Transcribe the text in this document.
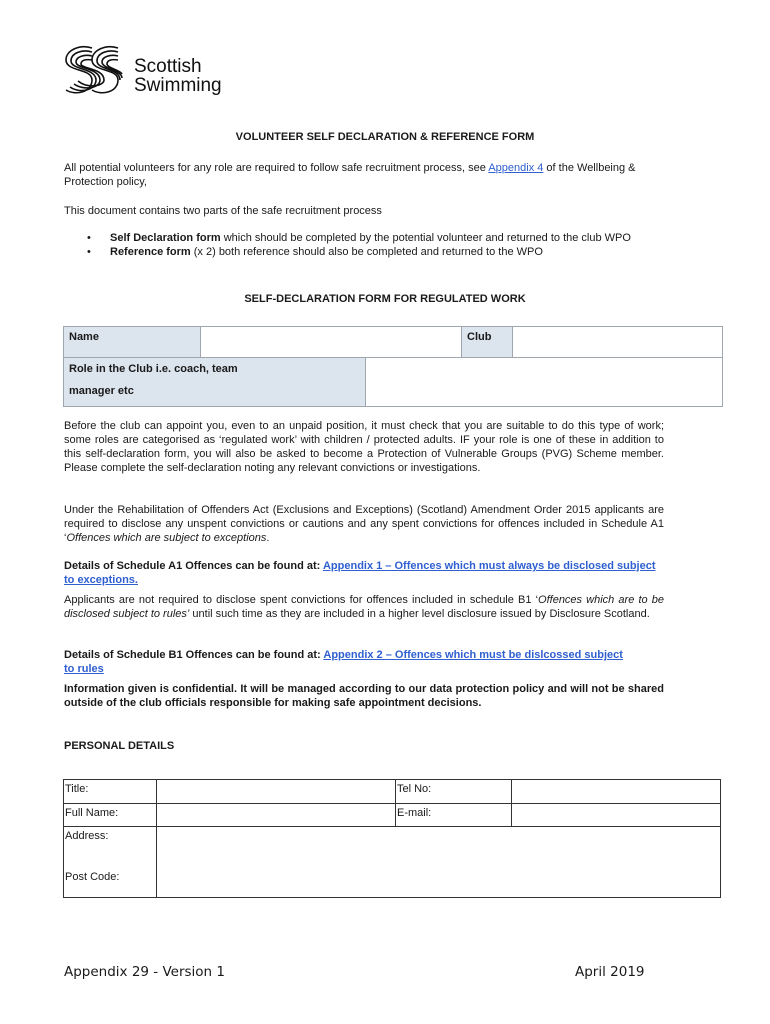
Scottish
Swimming
VOLUNTEER SELF DECLARATION & REFERENCE FORM
All potential volunteers for any role are required to follow safe recruitment process, see Appendix 4 of the Wellbeing & Protection policy,
This document contains two parts of the safe recruitment process
• Self Declaration form which should be completed by the potential volunteer and returned to the club WPO
• Reference form (x 2) both reference should also be completed and returned to the WPO
SELF-DECLARATION FORM FOR REGULATED WORK
Name		Club	
Role in the Club i.e. coach, team
manager etc

Before the club can appoint you, even to an unpaid position, it must check that you are suitable to do this type of work; some roles are categorised as ‘regulated work’ with children / protected adults. IF your role is one of these in addition to this self-declaration form, you will also be asked to become a Protection of Vulnerable Groups (PVG) Scheme member. Please complete the self-declaration noting any relevant convictions or investigations.
Under the Rehabilitation of Offenders Act (Exclusions and Exceptions) (Scotland) Amendment Order 2015 applicants are required to disclose any unspent convictions or cautions and any spent convictions for offences included in Schedule A1 ‘Offences which are subject to exceptions.
Details of Schedule A1 Offences can be found at: Appendix 1 – Offences which must always be disclosed subject to exceptions.
Applicants are not required to disclose spent convictions for offences included in schedule B1 ‘Offences which are to be disclosed subject to rules’ until such time as they are included in a higher level disclosure issued by Disclosure Scotland.
Details of Schedule B1 Offences can be found at: Appendix 2 – Offences which must be dislcossed subject to rules
Information given is confidential. It will be managed according to our data protection policy and will not be shared outside of the club officials responsible for making safe appointment decisions.
PERSONAL DETAILS
Title:		Tel No:	
Full Name:		E-mail:	

Address:
Post Code:			

Appendix 29 - Version 1	April 2019
